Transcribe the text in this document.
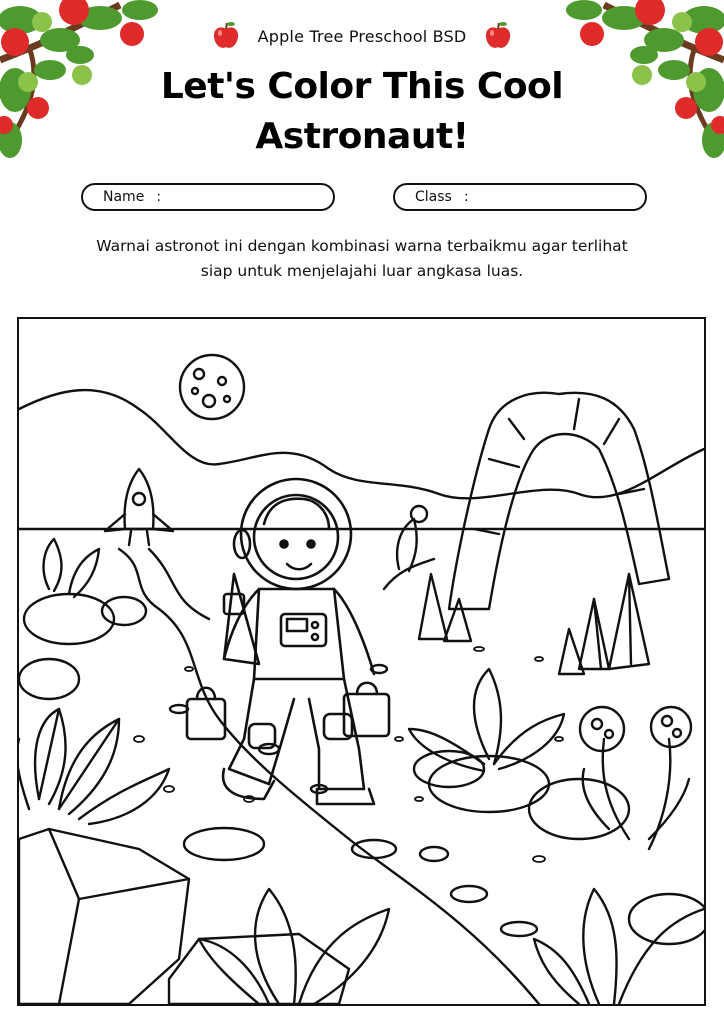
Apple Tree Preschool BSD
Let's Color This Cool
Astronaut!
Name :	Class :

Warnai astronot ini dengan kombinasi warna terbaikmu agar terlihat
siap untuk menjelajahi luar angkasa luas.
